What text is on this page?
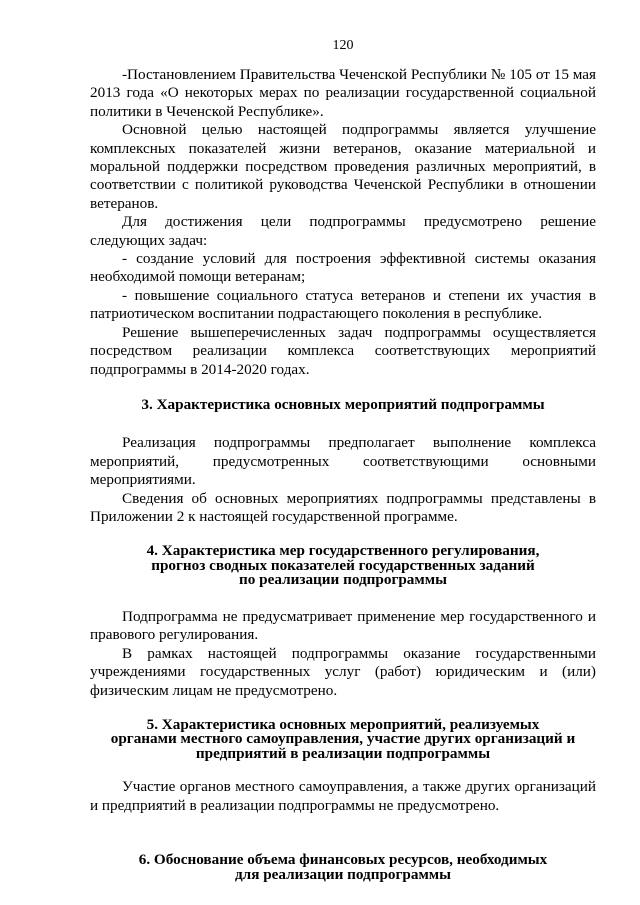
120

-Постановлением Правительства Чеченской Республики № 105 от 15 мая 2013 года «О некоторых мерах по реализации государственной социальной политики в Чеченской Республике».

Основной целью настоящей подпрограммы является улучшение комплексных показателей жизни ветеранов, оказание материальной и моральной поддержки посредством проведения различных мероприятий, в соответствии с политикой руководства Чеченской Республики в отношении ветеранов.

Для достижения цели подпрограммы предусмотрено решение следующих задач:

- создание условий для построения эффективной системы оказания необходимой помощи ветеранам;

- повышение социального статуса ветеранов и степени их участия в патриотическом воспитании подрастающего поколения в республике.

Решение вышеперечисленных задач подпрограммы осуществляется посредством реализации комплекса соответствующих мероприятий подпрограммы в 2014-2020 годах.

3. Характеристика основных мероприятий подпрограммы

Реализация подпрограммы предполагает выполнение комплекса мероприятий, предусмотренных соответствующими основными мероприятиями.

Сведения об основных мероприятиях подпрограммы представлены в Приложении 2 к настоящей государственной программе.

4. Характеристика мер государственного регулирования,
прогноз сводных показателей государственных заданий
по реализации подпрограммы

Подпрограмма не предусматривает применение мер государственного и правового регулирования.

В рамках настоящей подпрограммы оказание государственными учреждениями государственных услуг (работ) юридическим и (или) физическим лицам не предусмотрено.

5. Характеристика основных мероприятий, реализуемых
органами местного самоуправления, участие других организаций и
предприятий в реализации подпрограммы

Участие органов местного самоуправления, а также других организаций и предприятий в реализации подпрограммы не предусмотрено.

6. Обоснование объема финансовых ресурсов, необходимых
для реализации подпрограммы
